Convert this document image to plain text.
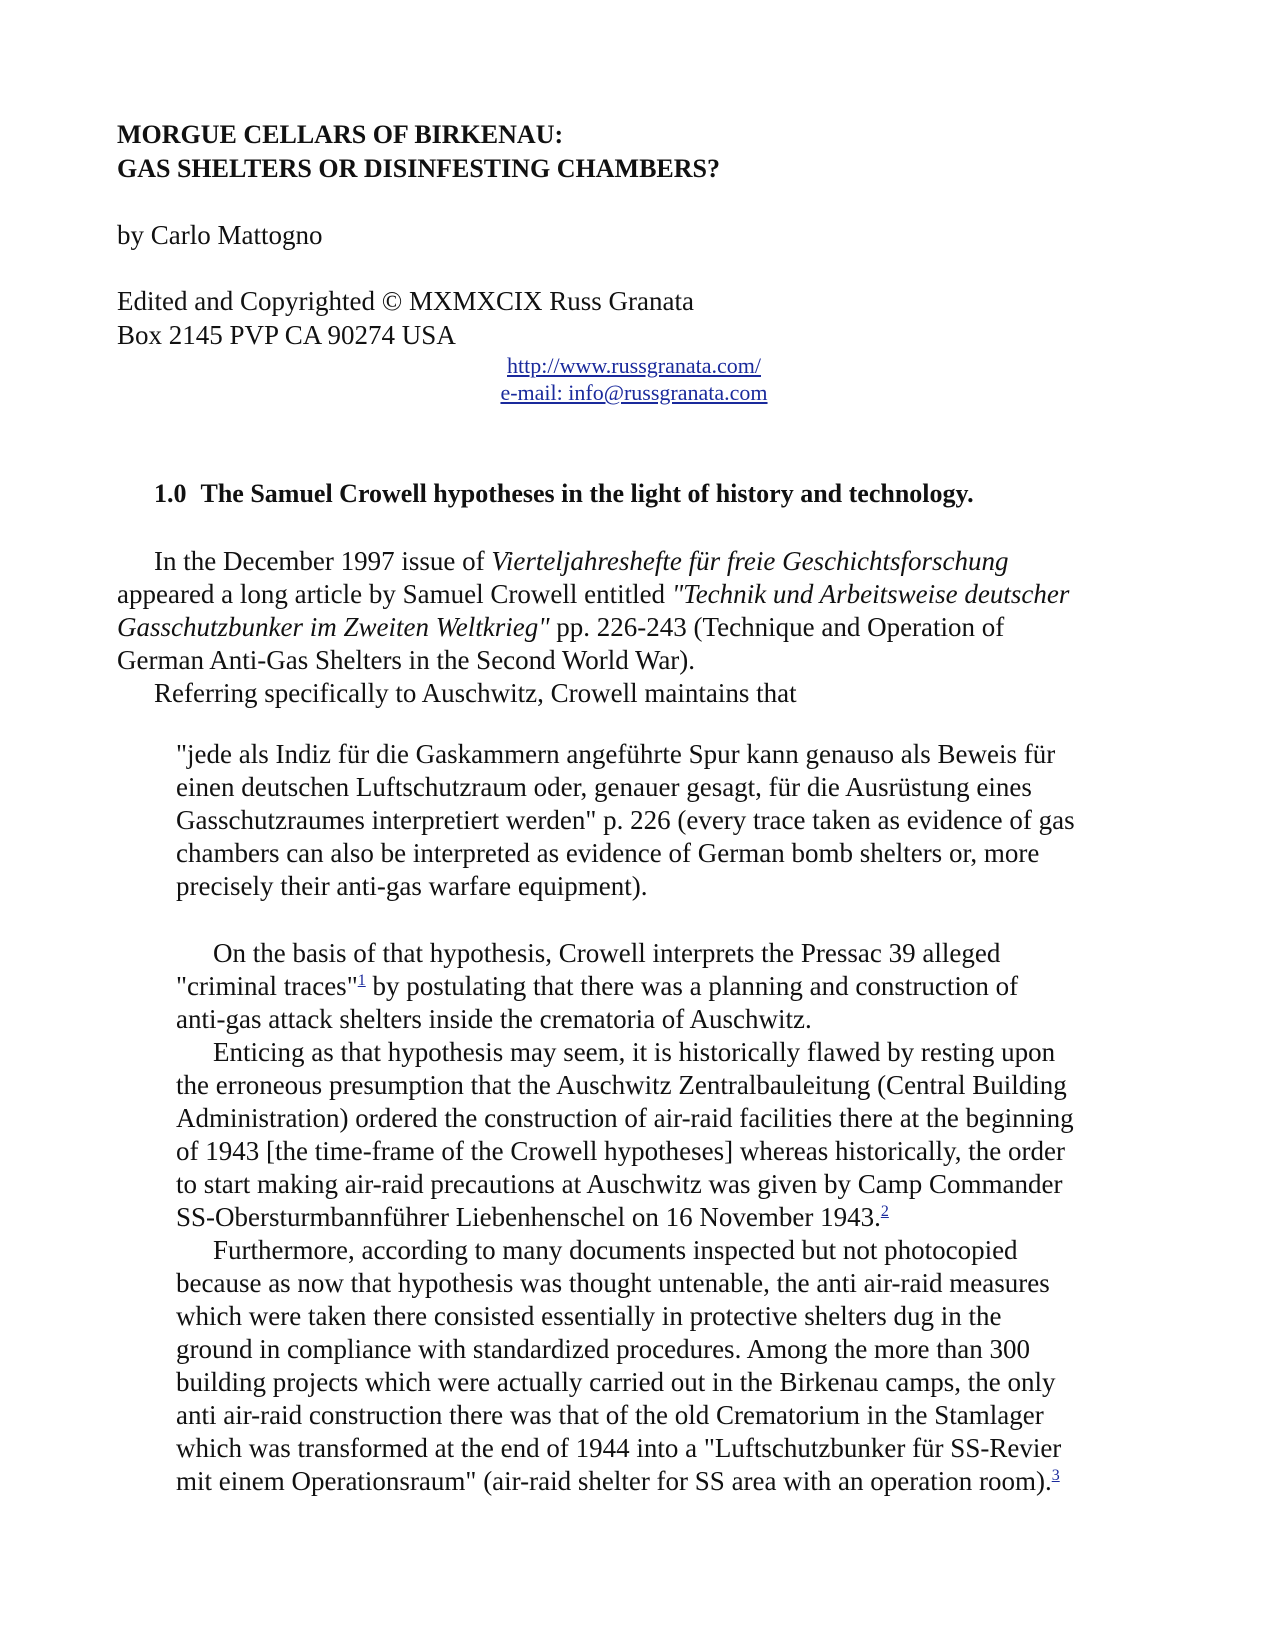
MORGUE CELLARS OF BIRKENAU:
GAS SHELTERS OR DISINFESTING CHAMBERS?
by Carlo Mattogno
Edited and Copyrighted © MXMXCIX Russ Granata
Box 2145 PVP CA 90274 USA
http://www.russgranata.com/
e-mail: info@russgranata.com
1.0 The Samuel Crowell hypotheses in the light of history and technology.
In the December 1997 issue of Vierteljahreshefte für freie Geschichtsforschung
appeared a long article by Samuel Crowell entitled "Technik und Arbeitsweise deutscher
Gasschutzbunker im Zweiten Weltkrieg" pp. 226-243 (Technique and Operation of
German Anti-Gas Shelters in the Second World War).
Referring specifically to Auschwitz, Crowell maintains that
"jede als Indiz für die Gaskammern angeführte Spur kann genauso als Beweis für
einen deutschen Luftschutzraum oder, genauer gesagt, für die Ausrüstung eines
Gasschutzraumes interpretiert werden" p. 226 (every trace taken as evidence of gas
chambers can also be interpreted as evidence of German bomb shelters or, more
precisely their anti-gas warfare equipment).
On the basis of that hypothesis, Crowell interprets the Pressac 39 alleged
"criminal traces"$^1$ by postulating that there was a planning and construction of
anti-gas attack shelters inside the crematoria of Auschwitz.
Enticing as that hypothesis may seem, it is historically flawed by resting upon
the erroneous presumption that the Auschwitz Zentralbauleitung (Central Building
Administration) ordered the construction of air-raid facilities there at the beginning
of 1943 [the time-frame of the Crowell hypotheses] whereas historically, the order
to start making air-raid precautions at Auschwitz was given by Camp Commander
SS-Obersturmbannführer Liebenhenschel on 16 November 1943.$^2$
Furthermore, according to many documents inspected but not photocopied
because as now that hypothesis was thought untenable, the anti air-raid measures
which were taken there consisted essentially in protective shelters dug in the
ground in compliance with standardized procedures. Among the more than 300
building projects which were actually carried out in the Birkenau camps, the only
anti air-raid construction there was that of the old Crematorium in the Stamlager
which was transformed at the end of 1944 into a "Luftschutzbunker für SS-Revier
mit einem Operationsraum" (air-raid shelter for SS area with an operation room).$^3$
